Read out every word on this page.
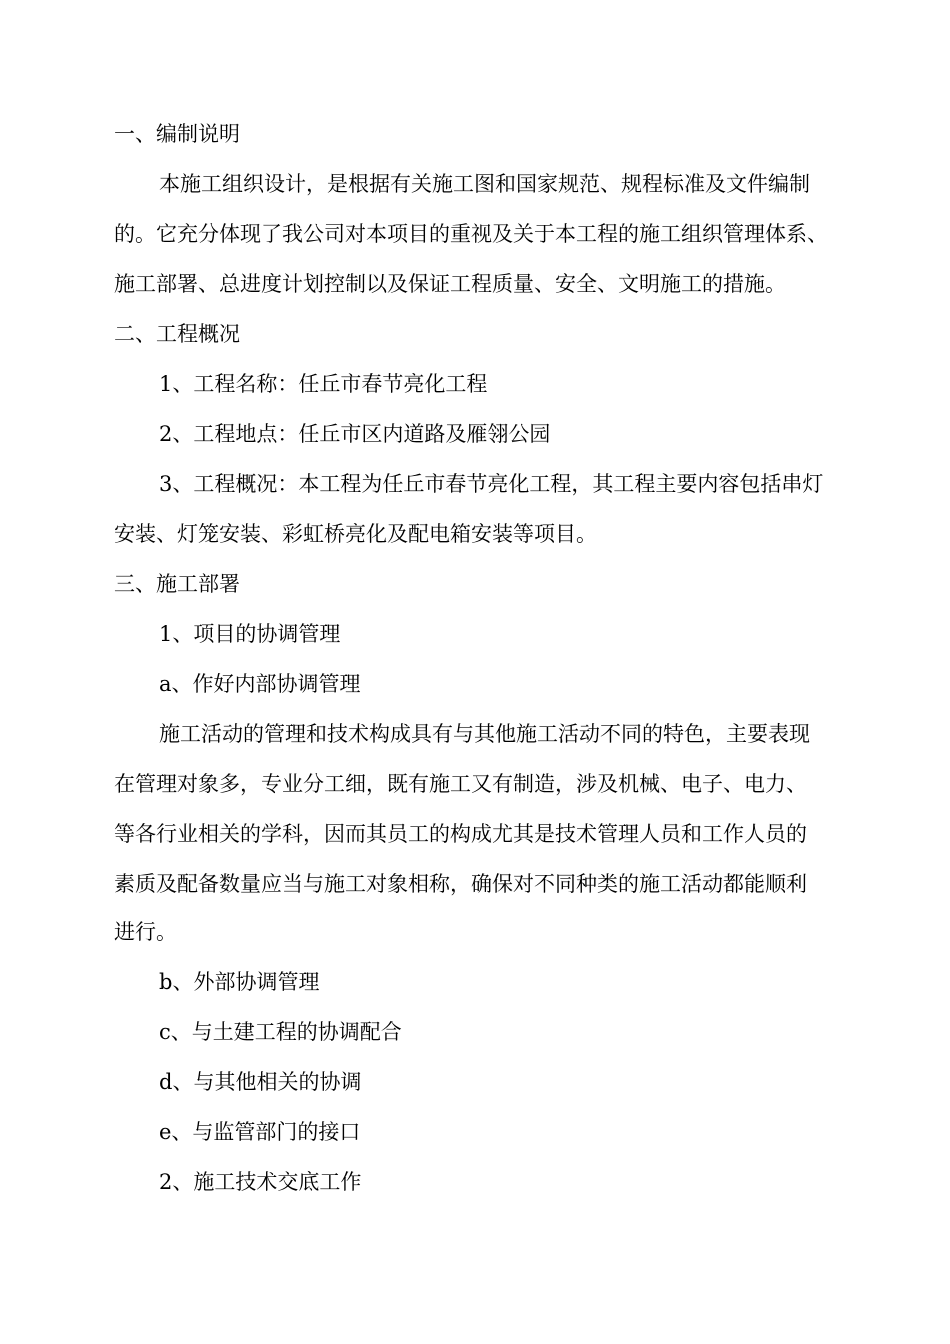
一、编制说明
本施工组织设计，是根据有关施工图和国家规范、规程标准及文件编制
的。它充分体现了我公司对本项目的重视及关于本工程的施工组织管理体系、
施工部署、总进度计划控制以及保证工程质量、安全、文明施工的措施。
二、工程概况
1、工程名称：任丘市春节亮化工程
2、工程地点：任丘市区内道路及雁翎公园
3、工程概况：本工程为任丘市春节亮化工程，其工程主要内容包括串灯
安装、灯笼安装、彩虹桥亮化及配电箱安装等项目。
三、施工部署
1、项目的协调管理
a、作好内部协调管理
施工活动的管理和技术构成具有与其他施工活动不同的特色，主要表现
在管理对象多，专业分工细，既有施工又有制造，涉及机械、电子、电力、
等各行业相关的学科，因而其员工的构成尤其是技术管理人员和工作人员的
素质及配备数量应当与施工对象相称，确保对不同种类的施工活动都能顺利
进行。
b、外部协调管理
c、与土建工程的协调配合
d、与其他相关的协调
e、与监管部门的接口
2、施工技术交底工作
